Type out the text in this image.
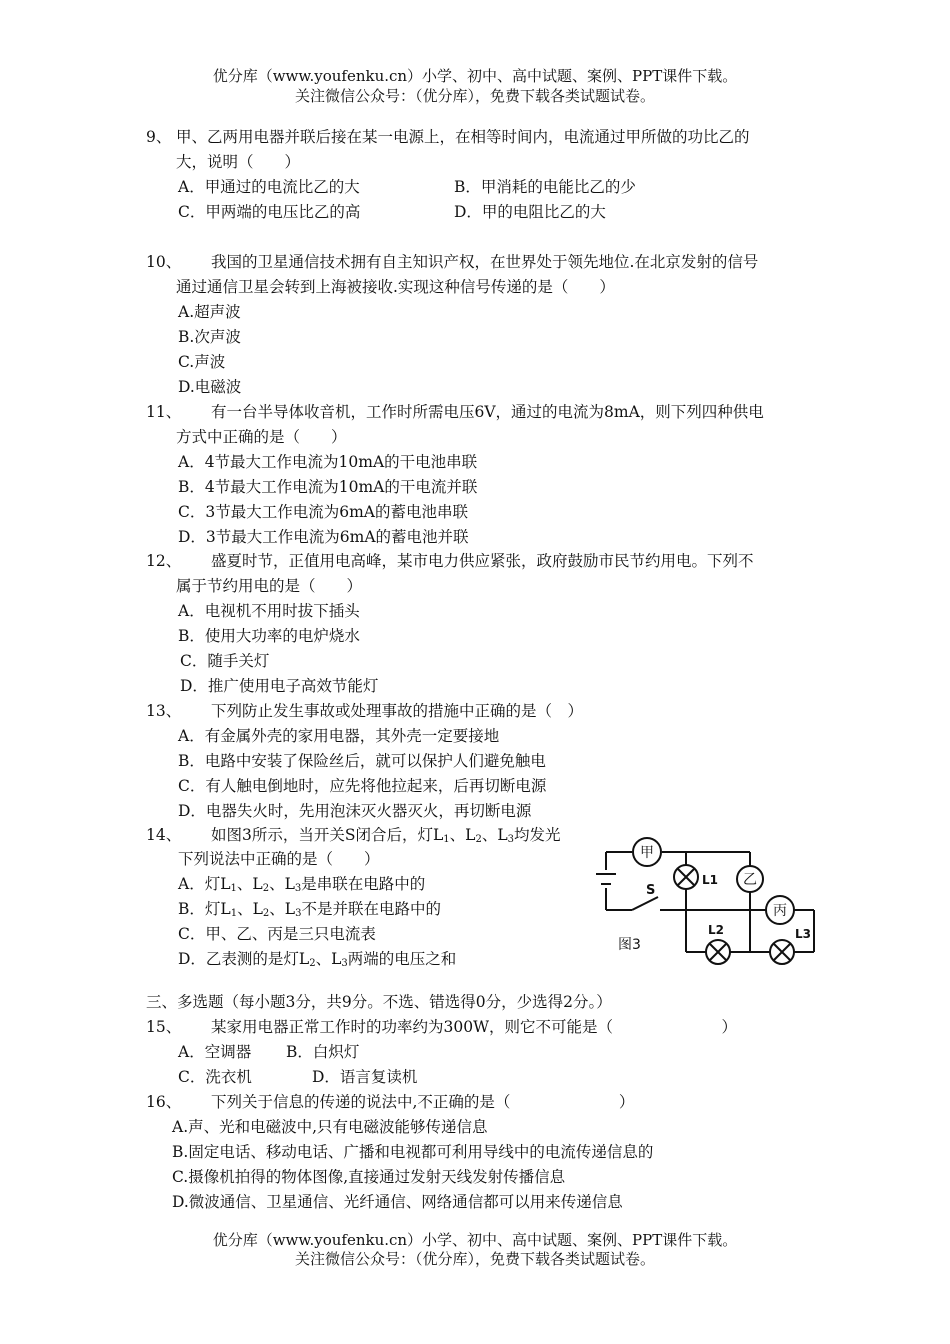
优分库（www.youfenku.cn）小学、初中、高中试题、案例、PPT课件下载。
关注微信公众号：（优分库），免费下载各类试题试卷。
9、 甲、乙两用电器并联后接在某一电源上，在相等时间内，电流通过甲所做的功比乙的
大，说明（　　）
A．甲通过的电流比乙的大	B．甲消耗的电能比乙的少
C．甲两端的电压比乙的高	D．甲的电阻比乙的大
10、 我国的卫星通信技术拥有自主知识产权，在世界处于领先地位.在北京发射的信号
通过通信卫星会转到上海被接收.实现这种信号传递的是（　　）
A.超声波
B.次声波
C.声波
D.电磁波
11、 有一台半导体收音机，工作时所需电压6V，通过的电流为8mA，则下列四种供电
方式中正确的是（　　）
A．4节最大工作电流为10mA的干电池串联
B．4节最大工作电流为10mA的干电流并联
C．3节最大工作电流为6mA的蓄电池串联
D．3节最大工作电流为6mA的蓄电池并联
12、 盛夏时节，正值用电高峰，某市电力供应紧张，政府鼓励市民节约用电。下列不
属于节约用电的是（　　）
A．电视机不用时拔下插头
B．使用大功率的电炉烧水
C．随手关灯
D．推广使用电子高效节能灯
13、 下列防止发生事故或处理事故的措施中正确的是（　）
A．有金属外壳的家用电器，其外壳一定要接地
B．电路中安装了保险丝后，就可以保护人们避免触电
C．有人触电倒地时，应先将他拉起来，后再切断电源
D．电器失火时，先用泡沫灭火器灭火，再切断电源
14、 如图3所示，当开关S闭合后，灯$L_1$、$L_2$、$L_3$均发光
下列说法中正确的是（　　）
A．灯$L_1$、$L_2$、$L_3$是串联在电路中的
B．灯$L_1$、$L_2$、$L_3$不是并联在电路中的
C．甲、乙、丙是三只电流表
D．乙表测的是灯$L_2$、$L_3$两端的电压之和
甲
乙
丙
L1
L2	L3
S
图3
三、多选题（每小题3分，共9分。不选、错选得0分，少选得2分。）
15、 某家用电器正常工作时的功率约为300W，则它不可能是（　　　　　　　）
A．空调器 B．白炽灯
C．洗衣机	D．语言复读机
16、 下列关于信息的传递的说法中,不正确的是（　　　　　　　）
A.声、光和电磁波中,只有电磁波能够传递信息
B.固定电话、移动电话、广播和电视都可利用导线中的电流传递信息的
C.摄像机拍得的物体图像,直接通过发射天线发射传播信息
D.微波通信、卫星通信、光纤通信、网络通信都可以用来传递信息
优分库（www.youfenku.cn）小学、初中、高中试题、案例、PPT课件下载。
关注微信公众号：（优分库），免费下载各类试题试卷。
